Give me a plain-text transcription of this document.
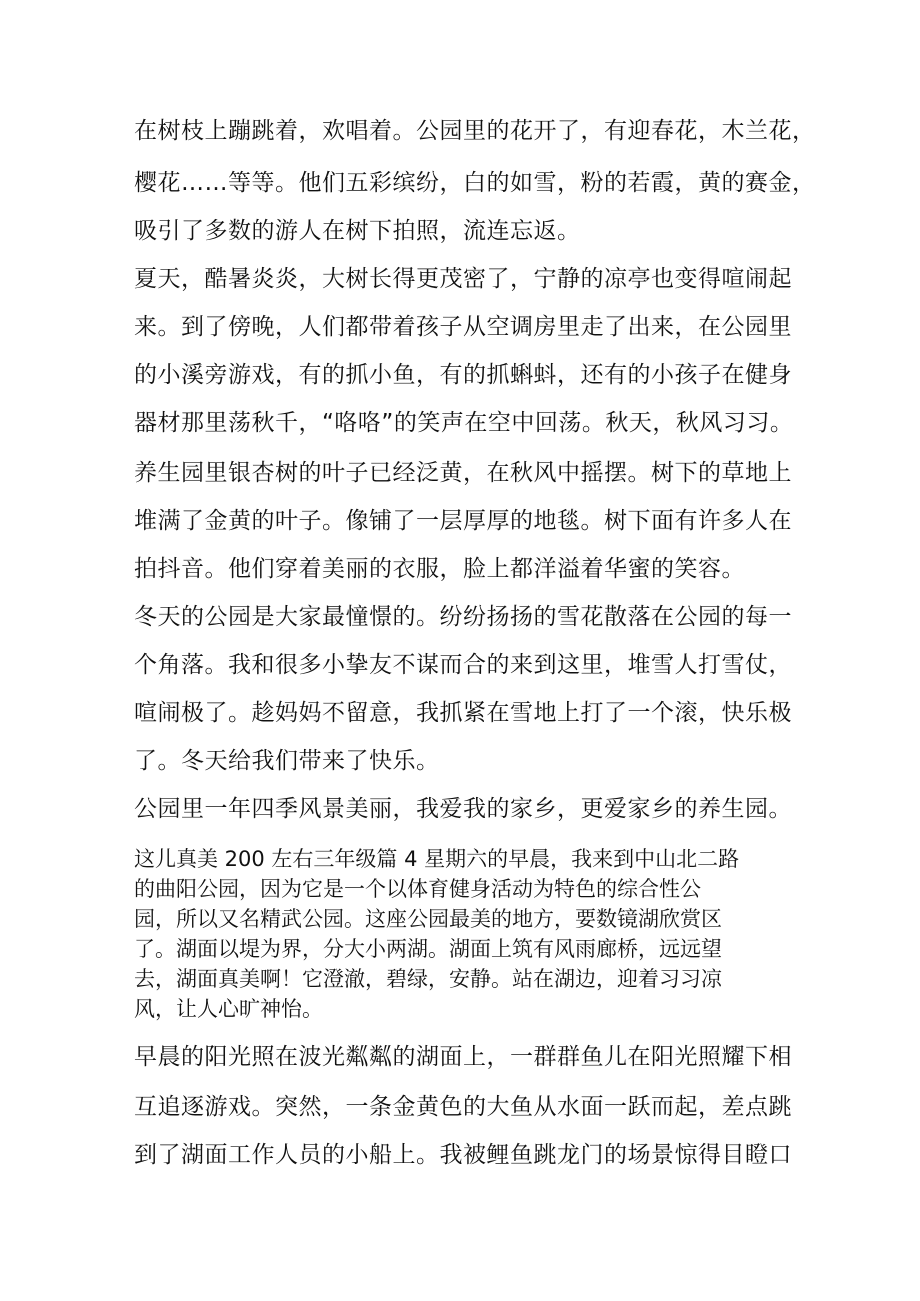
在树枝上蹦跳着，欢唱着。公园里的花开了，有迎春花，木兰花，
樱花……等等。他们五彩缤纷，白的如雪，粉的若霞，黄的赛金，
吸引了多数的游人在树下拍照，流连忘返。
夏天，酷暑炎炎，大树长得更茂密了，宁静的凉亭也变得喧闹起
来。到了傍晚，人们都带着孩子从空调房里走了出来，在公园里
的小溪旁游戏，有的抓小鱼，有的抓蝌蚪，还有的小孩子在健身
器材那里荡秋千，“咯咯”的笑声在空中回荡。秋天，秋风习习。
养生园里银杏树的叶子已经泛黄，在秋风中摇摆。树下的草地上
堆满了金黄的叶子。像铺了一层厚厚的地毯。树下面有许多人在
拍抖音。他们穿着美丽的衣服，脸上都洋溢着华蜜的笑容。
冬天的公园是大家最憧憬的。纷纷扬扬的雪花散落在公园的每一
个角落。我和很多小挚友不谋而合的来到这里，堆雪人打雪仗，
喧闹极了。趁妈妈不留意，我抓紧在雪地上打了一个滚，快乐极
了。冬天给我们带来了快乐。
公园里一年四季风景美丽，我爱我的家乡，更爱家乡的养生园。
这儿真美 200 左右三年级篇 4 星期六的早晨，我来到中山北二路
的曲阳公园，因为它是一个以体育健身活动为特色的综合性公
园，所以又名精武公园。这座公园最美的地方，要数镜湖欣赏区
了。湖面以堤为界，分大小两湖。湖面上筑有风雨廊桥，远远望
去，湖面真美啊！它澄澈，碧绿，安静。站在湖边，迎着习习凉
风，让人心旷神怡。
早晨的阳光照在波光粼粼的湖面上，一群群鱼儿在阳光照耀下相
互追逐游戏。突然，一条金黄色的大鱼从水面一跃而起，差点跳
到了湖面工作人员的小船上。我被鲤鱼跳龙门的场景惊得目瞪口
